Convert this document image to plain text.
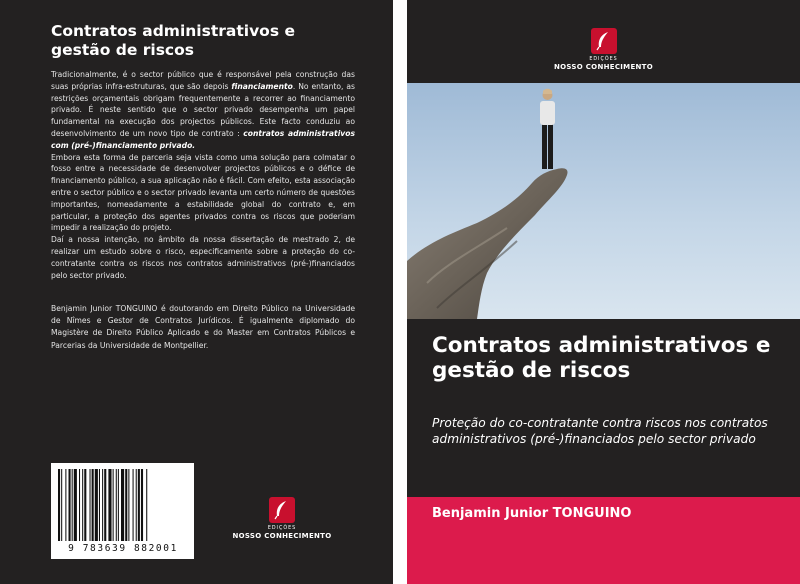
Contratos administrativos e gestão de riscos

Tradicionalmente, é o sector público que é responsável pela construção das suas próprias infra-estruturas, que são depois financiamento. No entanto, as restrições orçamentais obrigam frequentemente a recorrer ao financiamento privado. É neste sentido que o sector privado desempenha um papel fundamental na execução dos projectos públicos. Este facto conduziu ao desenvolvimento de um novo tipo de contrato : contratos administrativos com (pré-)financiamento privado.

Embora esta forma de parceria seja vista como uma solução para colmatar o fosso entre a necessidade de desenvolver projectos públicos e o défice de financiamento público, a sua aplicação não é fácil. Com efeito, esta associação entre o sector público e o sector privado levanta um certo número de questões importantes, nomeadamente a estabilidade global do contrato e, em particular, a proteção dos agentes privados contra os riscos que poderiam impedir a realização do projeto.

Daí a nossa intenção, no âmbito da nossa dissertação de mestrado 2, de realizar um estudo sobre o risco, especificamente sobre a proteção do co-contratante contra os riscos nos contratos administrativos (pré-)financiados pelo sector privado.

Benjamin Junior TONGUINO é doutorando em Direito Público na Universidade de Nîmes e Gestor de Contratos Jurídicos. É igualmente diplomado do Magistère de Direito Público Aplicado e do Master em Contratos Públicos e Parcerias da Universidade de Montpellier.

9 783639 882001
EDIÇÕES
NOSSO CONHECIMENTO
EDIÇÕES
NOSSO CONHECIMENTO
Contratos administrativos e gestão de riscos
Proteção do co-contratante contra riscos nos contratos administrativos (pré-)financiados pelo sector privado
Benjamin Junior TONGUINO
